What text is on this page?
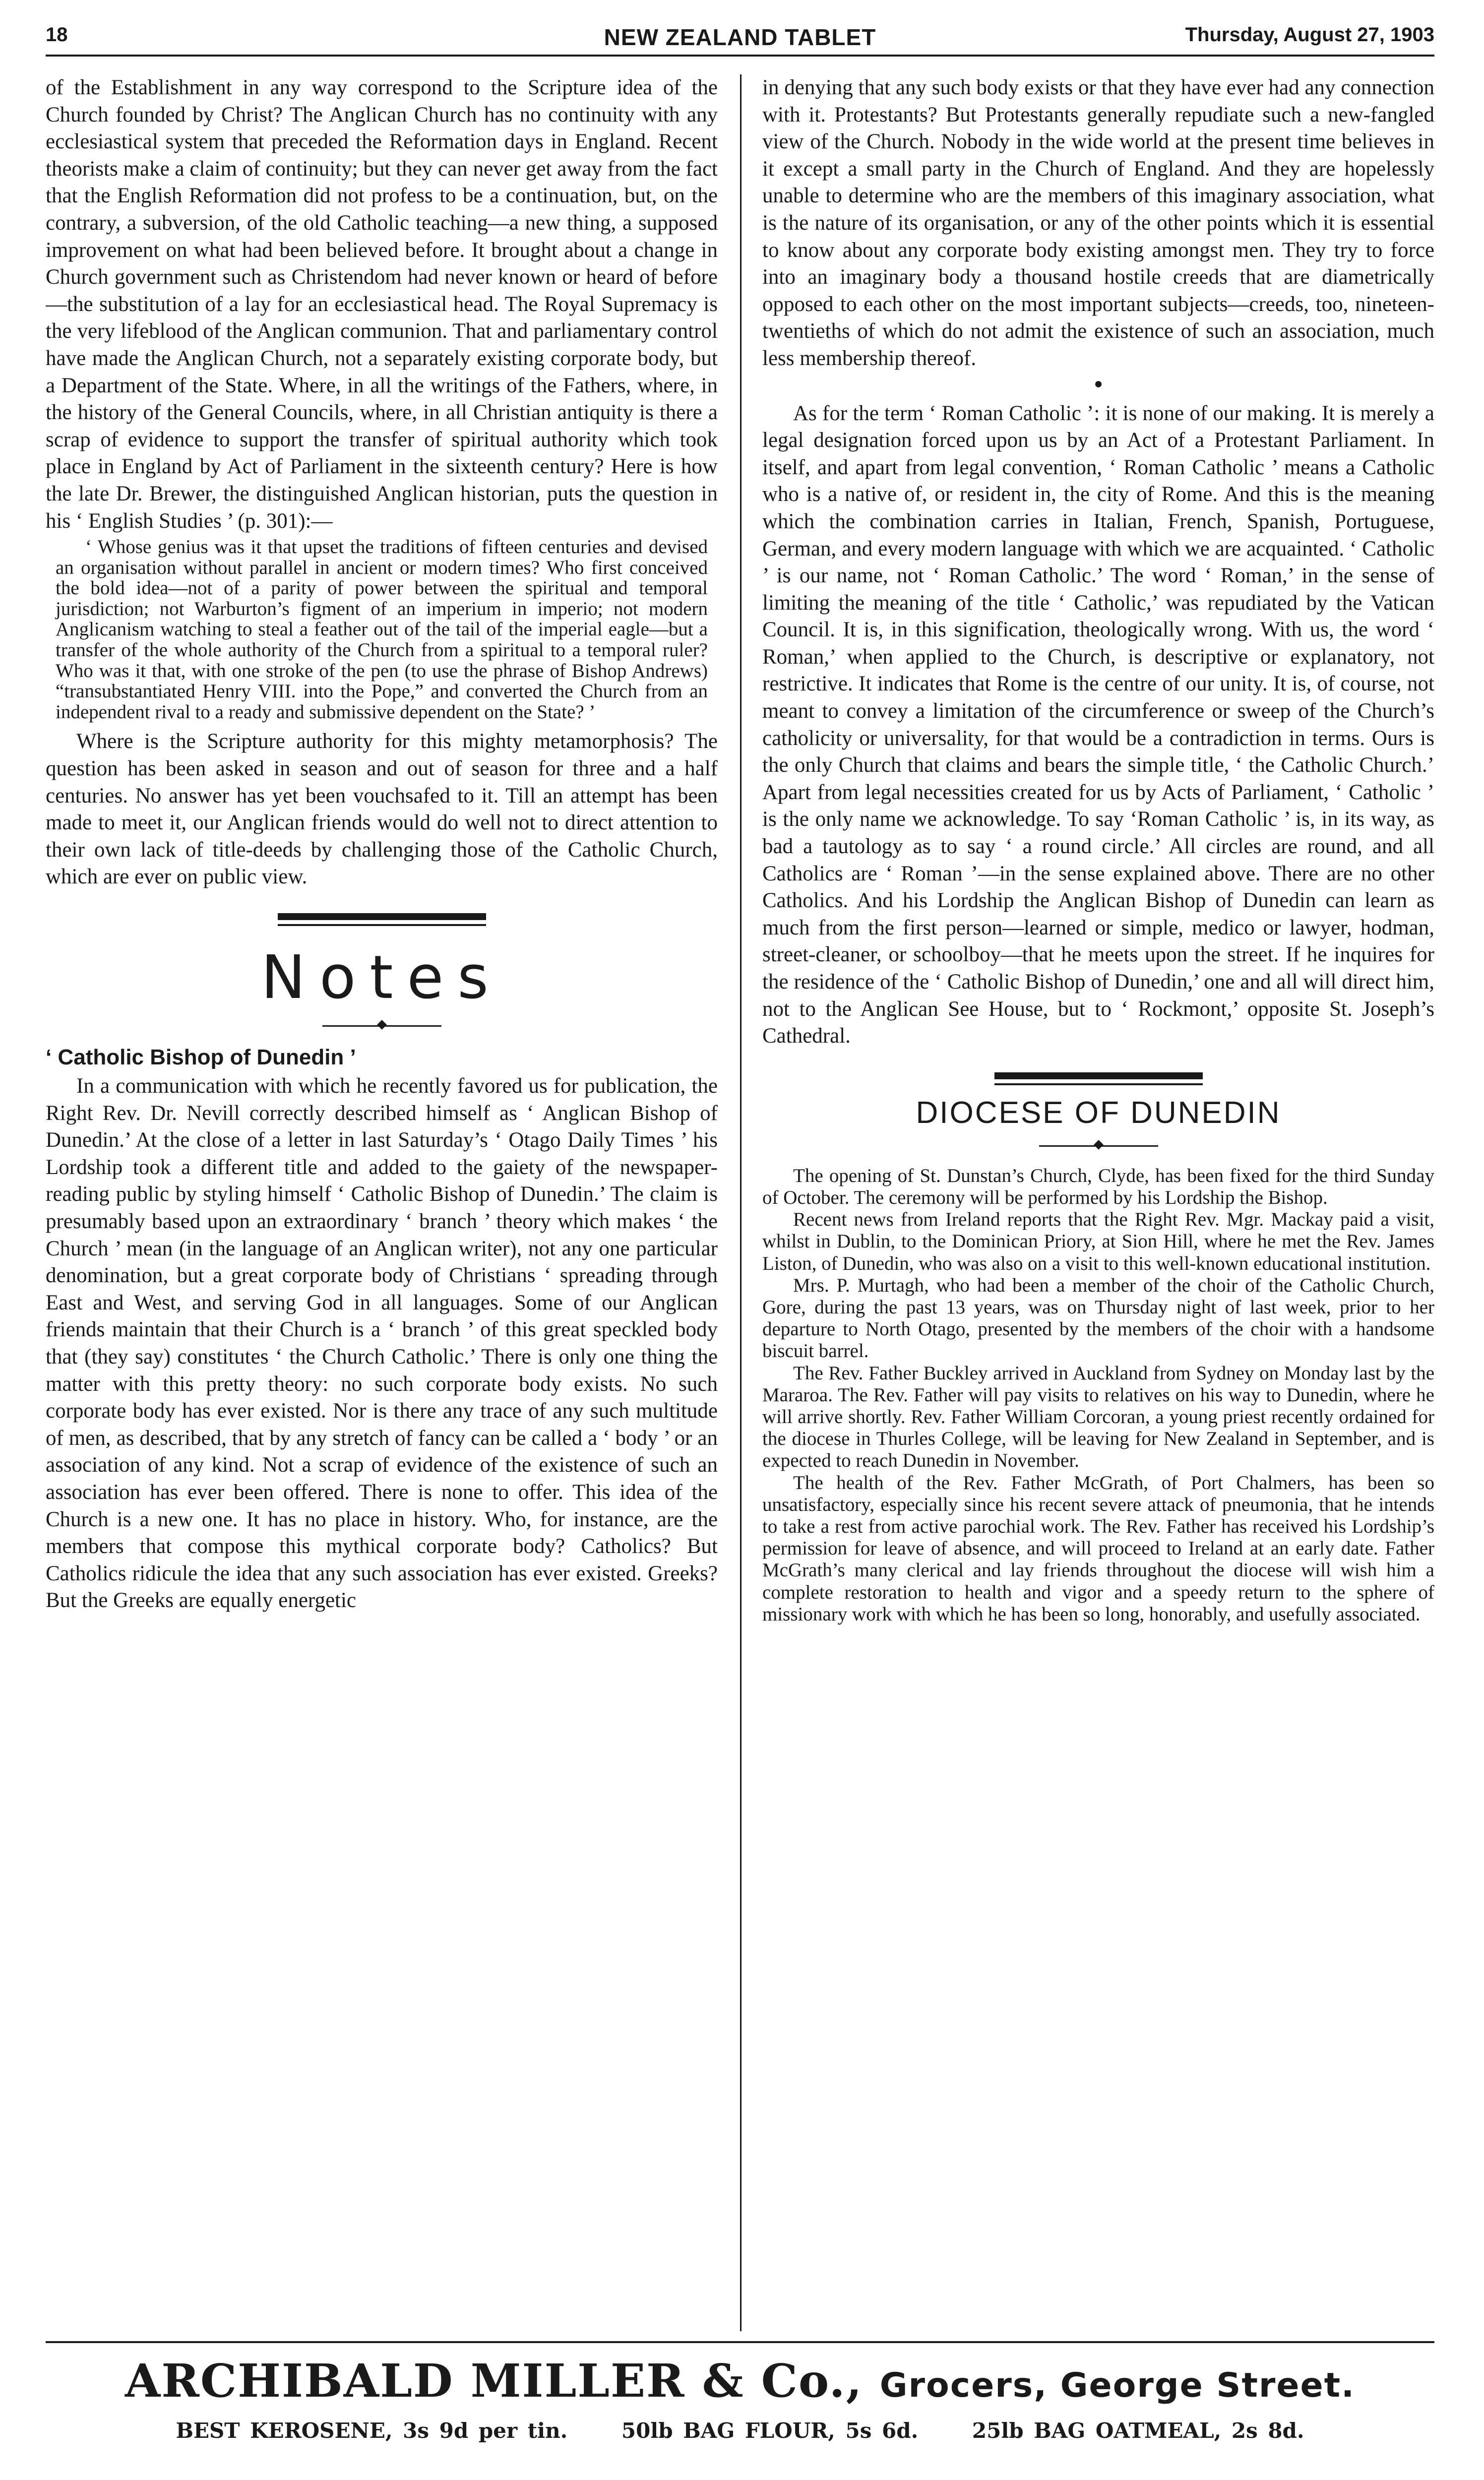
18	NEW ZEALAND TABLET	Thursday, August 27, 1903

of the Establishment in any way correspond to the Scripture idea of the Church founded by Christ? The Anglican Church has no continuity with any ecclesiastical system that preceded the Reformation days in England. Recent theorists make a claim of continuity; but they can never get away from the fact that the English Reformation did not profess to be a continuation, but, on the contrary, a subversion, of the old Catholic teaching—a new thing, a supposed improvement on what had been believed before. It brought about a change in Church government such as Christendom had never known or heard of before—the substitution of a lay for an ecclesiastical head. The Royal Supremacy is the very lifeblood of the Anglican communion. That and parliamentary control have made the Anglican Church, not a separately existing corporate body, but a Department of the State. Where, in all the writings of the Fathers, where, in the history of the General Councils, where, in all Christian antiquity is there a scrap of evidence to support the transfer of spiritual authority which took place in England by Act of Parliament in the sixteenth century? Here is how the late Dr. Brewer, the distinguished Anglican historian, puts the question in his ‘ English Studies ’ (p. 301):—

‘ Whose genius was it that upset the traditions of fifteen centuries and devised an organisation without parallel in ancient or modern times? Who first conceived the bold idea—not of a parity of power between the spiritual and temporal jurisdiction; not Warburton’s figment of an imperium in imperio; not modern Anglicanism watching to steal a feather out of the tail of the imperial eagle—but a transfer of the whole authority of the Church from a spiritual to a temporal ruler? Who was it that, with one stroke of the pen (to use the phrase of Bishop Andrews) “transubstantiated Henry VIII. into the Pope,” and converted the Church from an independent rival to a ready and submissive dependent on the State? ’

Where is the Scripture authority for this mighty metamorphosis? The question has been asked in season and out of season for three and a half centuries. No answer has yet been vouchsafed to it. Till an attempt has been made to meet it, our Anglican friends would do well not to direct attention to their own lack of title-deeds by challenging those of the Catholic Church, which are ever on public view.

Notes
‘ Catholic Bishop of Dunedin ’

In a communication with which he recently favored us for publication, the Right Rev. Dr. Nevill correctly described himself as ‘ Anglican Bishop of Dunedin.’ At the close of a letter in last Saturday’s ‘ Otago Daily Times ’ his Lordship took a different title and added to the gaiety of the newspaper-reading public by styling himself ‘ Catholic Bishop of Dunedin.’ The claim is presumably based upon an extraordinary ‘ branch ’ theory which makes ‘ the Church ’ mean (in the language of an Anglican writer), not any one particular denomination, but a great corporate body of Christians ‘ spreading through East and West, and serving God in all languages. Some of our Anglican friends maintain that their Church is a ‘ branch ’ of this great speckled body that (they say) constitutes ‘ the Church Catholic.’ There is only one thing the matter with this pretty theory: no such corporate body exists. No such corporate body has ever existed. Nor is there any trace of any such multitude of men, as described, that by any stretch of fancy can be called a ‘ body ’ or an association of any kind. Not a scrap of evidence of the existence of such an association has ever been offered. There is none to offer. This idea of the Church is a new one. It has no place in history. Who, for instance, are the members that compose this mythical corporate body? Catholics? But Catholics ridicule the idea that any such association has ever existed. Greeks? But the Greeks are equally energetic

in denying that any such body exists or that they have ever had any connection with it. Protestants? But Protestants generally repudiate such a new-fangled view of the Church. Nobody in the wide world at the present time believes in it except a small party in the Church of England. And they are hopelessly unable to determine who are the members of this imaginary association, what is the nature of its organisation, or any of the other points which it is essential to know about any corporate body existing amongst men. They try to force into an imaginary body a thousand hostile creeds that are diametrically opposed to each other on the most important subjects—creeds, too, nineteen-twentieths of which do not admit the existence of such an association, much less membership thereof.

●

As for the term ‘ Roman Catholic ’: it is none of our making. It is merely a legal designation forced upon us by an Act of a Protestant Parliament. In itself, and apart from legal convention, ‘ Roman Catholic ’ means a Catholic who is a native of, or resident in, the city of Rome. And this is the meaning which the combination carries in Italian, French, Spanish, Portuguese, German, and every modern language with which we are acquainted. ‘ Catholic ’ is our name, not ‘ Roman Catholic.’ The word ‘ Roman,’ in the sense of limiting the meaning of the title ‘ Catholic,’ was repudiated by the Vatican Council. It is, in this signification, theologically wrong. With us, the word ‘ Roman,’ when applied to the Church, is descriptive or explanatory, not restrictive. It indicates that Rome is the centre of our unity. It is, of course, not meant to convey a limitation of the circumference or sweep of the Church’s catholicity or universality, for that would be a contradiction in terms. Ours is the only Church that claims and bears the simple title, ‘ the Catholic Church.’ Apart from legal necessities created for us by Acts of Parliament, ‘ Catholic ’ is the only name we acknowledge. To say ‘Roman Catholic ’ is, in its way, as bad a tautology as to say ‘ a round circle.’ All circles are round, and all Catholics are ‘ Roman ’—in the sense explained above. There are no other Catholics. And his Lordship the Anglican Bishop of Dunedin can learn as much from the first person—learned or simple, medico or lawyer, hodman, street-cleaner, or schoolboy—that he meets upon the street. If he inquires for the residence of the ‘ Catholic Bishop of Dunedin,’ one and all will direct him, not to the Anglican See House, but to ‘ Rockmont,’ opposite St. Joseph’s Cathedral.

DIOCESE OF DUNEDIN

The opening of St. Dunstan’s Church, Clyde, has been fixed for the third Sunday of October. The ceremony will be performed by his Lordship the Bishop.

Recent news from Ireland reports that the Right Rev. Mgr. Mackay paid a visit, whilst in Dublin, to the Dominican Priory, at Sion Hill, where he met the Rev. James Liston, of Dunedin, who was also on a visit to this well-known educational institution.

Mrs. P. Murtagh, who had been a member of the choir of the Catholic Church, Gore, during the past 13 years, was on Thursday night of last week, prior to her departure to North Otago, presented by the members of the choir with a handsome biscuit barrel.

The Rev. Father Buckley arrived in Auckland from Sydney on Monday last by the Mararoa. The Rev. Father will pay visits to relatives on his way to Dunedin, where he will arrive shortly. Rev. Father William Corcoran, a young priest recently ordained for the diocese in Thurles College, will be leaving for New Zealand in September, and is expected to reach Dunedin in November.

The health of the Rev. Father McGrath, of Port Chalmers, has been so unsatisfactory, especially since his recent severe attack of pneumonia, that he intends to take a rest from active parochial work. The Rev. Father has received his Lordship’s permission for leave of absence, and will proceed to Ireland at an early date. Father McGrath’s many clerical and lay friends throughout the diocese will wish him a complete restoration to health and vigor and a speedy return to the sphere of missionary work with which he has been so long, honorably, and usefully associated.

ARCHIBALD MILLER & Co., Grocers, George Street.
BEST KEROSENE, 3s 9d per tin.	50lb BAG FLOUR, 5s 6d.	25lb BAG OATMEAL, 2s 8d.
